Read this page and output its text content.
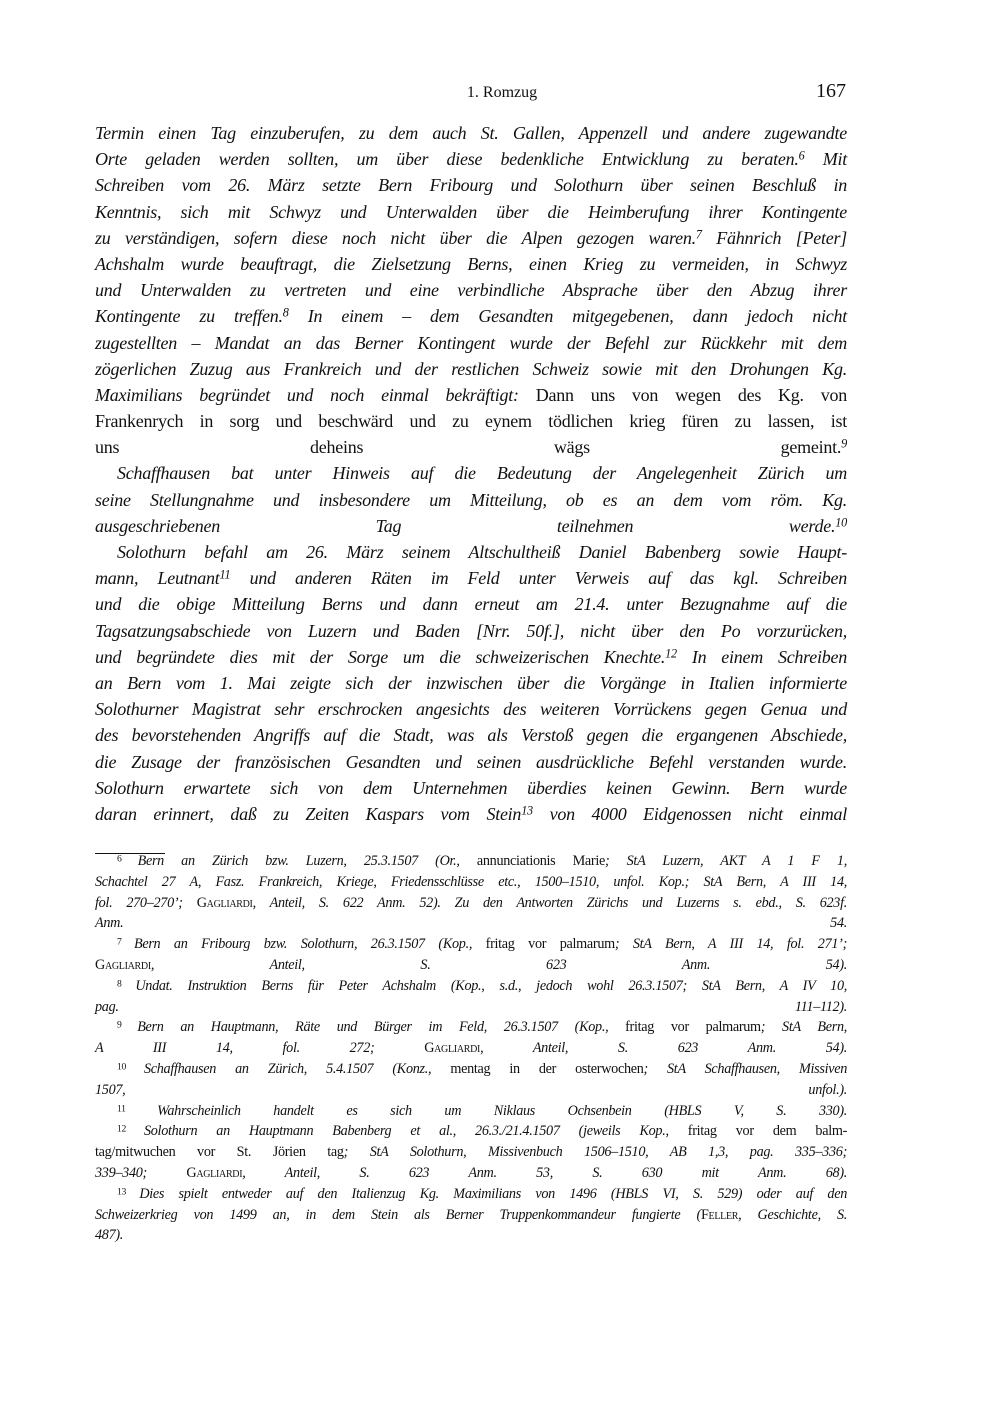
1. Romzug	167
Termin einen Tag einzuberufen, zu dem auch St. Gallen, Appenzell und andere zugewandte
Orte geladen werden sollten, um über diese bedenkliche Entwicklung zu beraten.$^6$ Mit
Schreiben vom 26. März setzte Bern Fribourg und Solothurn über seinen Beschluß in
Kenntnis, sich mit Schwyz und Unterwalden über die Heimberufung ihrer Kontingente
zu verständigen, sofern diese noch nicht über die Alpen gezogen waren.$^7$ Fähnrich [Peter]
Achshalm wurde beauftragt, die Zielsetzung Berns, einen Krieg zu vermeiden, in Schwyz
und Unterwalden zu vertreten und eine verbindliche Absprache über den Abzug ihrer
Kontingente zu treffen.$^8$ In einem – dem Gesandten mitgegebenen, dann jedoch nicht
zugestellten – Mandat an das Berner Kontingent wurde der Befehl zur Rückkehr mit dem
zögerlichen Zuzug aus Frankreich und der restlichen Schweiz sowie mit den Drohungen Kg.
Maximilians begründet und noch einmal bekräftigt: Dann uns von wegen des Kg. von
Frankenrych in sorg und beschwärd und zu eynem tödlichen krieg füren zu lassen, ist
uns deheins wägs gemeint.$^9$
Schaffhausen bat unter Hinweis auf die Bedeutung der Angelegenheit Zürich um
seine Stellungnahme und insbesondere um Mitteilung, ob es an dem vom röm. Kg.
ausgeschriebenen Tag teilnehmen werde.$^{10}$
Solothurn befahl am 26. März seinem Altschultheiß Daniel Babenberg sowie Haupt-
mann, Leutnant$^{11}$ und anderen Räten im Feld unter Verweis auf das kgl. Schreiben
und die obige Mitteilung Berns und dann erneut am 21.4. unter Bezugnahme auf die
Tagsatzungsabschiede von Luzern und Baden [Nrr. 50f.], nicht über den Po vorzurücken,
und begründete dies mit der Sorge um die schweizerischen Knechte.$^{12}$ In einem Schreiben
an Bern vom 1. Mai zeigte sich der inzwischen über die Vorgänge in Italien informierte
Solothurner Magistrat sehr erschrocken angesichts des weiteren Vorrückens gegen Genua und
des bevorstehenden Angriffs auf die Stadt, was als Verstoß gegen die ergangenen Abschiede,
die Zusage der französischen Gesandten und seinen ausdrückliche Befehl verstanden wurde.
Solothurn erwartete sich von dem Unternehmen überdies keinen Gewinn. Bern wurde
daran erinnert, daß zu Zeiten Kaspars vom Stein$^{13}$ von 4000 Eidgenossen nicht einmal
$^6$ Bern an Zürich bzw. Luzern, 25.3.1507 (Or., annunciationis Marie; StA Luzern, AKT A 1 F 1,
Schachtel 27 A, Fasz. Frankreich, Kriege, Friedensschlüsse etc., 1500–1510, unfol. Kop.; StA Bern, A III 14,
fol. 270–270’; Gagliardi, Anteil, S. 622 Anm. 52). Zu den Antworten Zürichs und Luzerns s. ebd., S. 623f.
Anm. 54.
$^7$ Bern an Fribourg bzw. Solothurn, 26.3.1507 (Kop., fritag vor palmarum; StA Bern, A III 14, fol. 271’;
Gagliardi, Anteil, S. 623 Anm. 54).
$^8$ Undat. Instruktion Berns für Peter Achshalm (Kop., s.d., jedoch wohl 26.3.1507; StA Bern, A IV 10,
pag. 111–112).
$^9$ Bern an Hauptmann, Räte und Bürger im Feld, 26.3.1507 (Kop., fritag vor palmarum; StA Bern,
A III 14, fol. 272; Gagliardi, Anteil, S. 623 Anm. 54).
$^{10}$ Schaffhausen an Zürich, 5.4.1507 (Konz., mentag in der osterwochen; StA Schaffhausen, Missiven
1507, unfol.).
$^{11}$ Wahrscheinlich handelt es sich um Niklaus Ochsenbein (HBLS V, S. 330).
$^{12}$ Solothurn an Hauptmann Babenberg et al., 26.3./21.4.1507 (jeweils Kop., fritag vor dem balm-
tag/mitwuchen vor St. Jörien tag; StA Solothurn, Missivenbuch 1506–1510, AB 1,3, pag. 335–336;
339–340; Gagliardi, Anteil, S. 623 Anm. 53, S. 630 mit Anm. 68).
$^{13}$ Dies spielt entweder auf den Italienzug Kg. Maximilians von 1496 (HBLS VI, S. 529) oder auf den
Schweizerkrieg von 1499 an, in dem Stein als Berner Truppenkommandeur fungierte (Feller, Geschichte, S.
487).
